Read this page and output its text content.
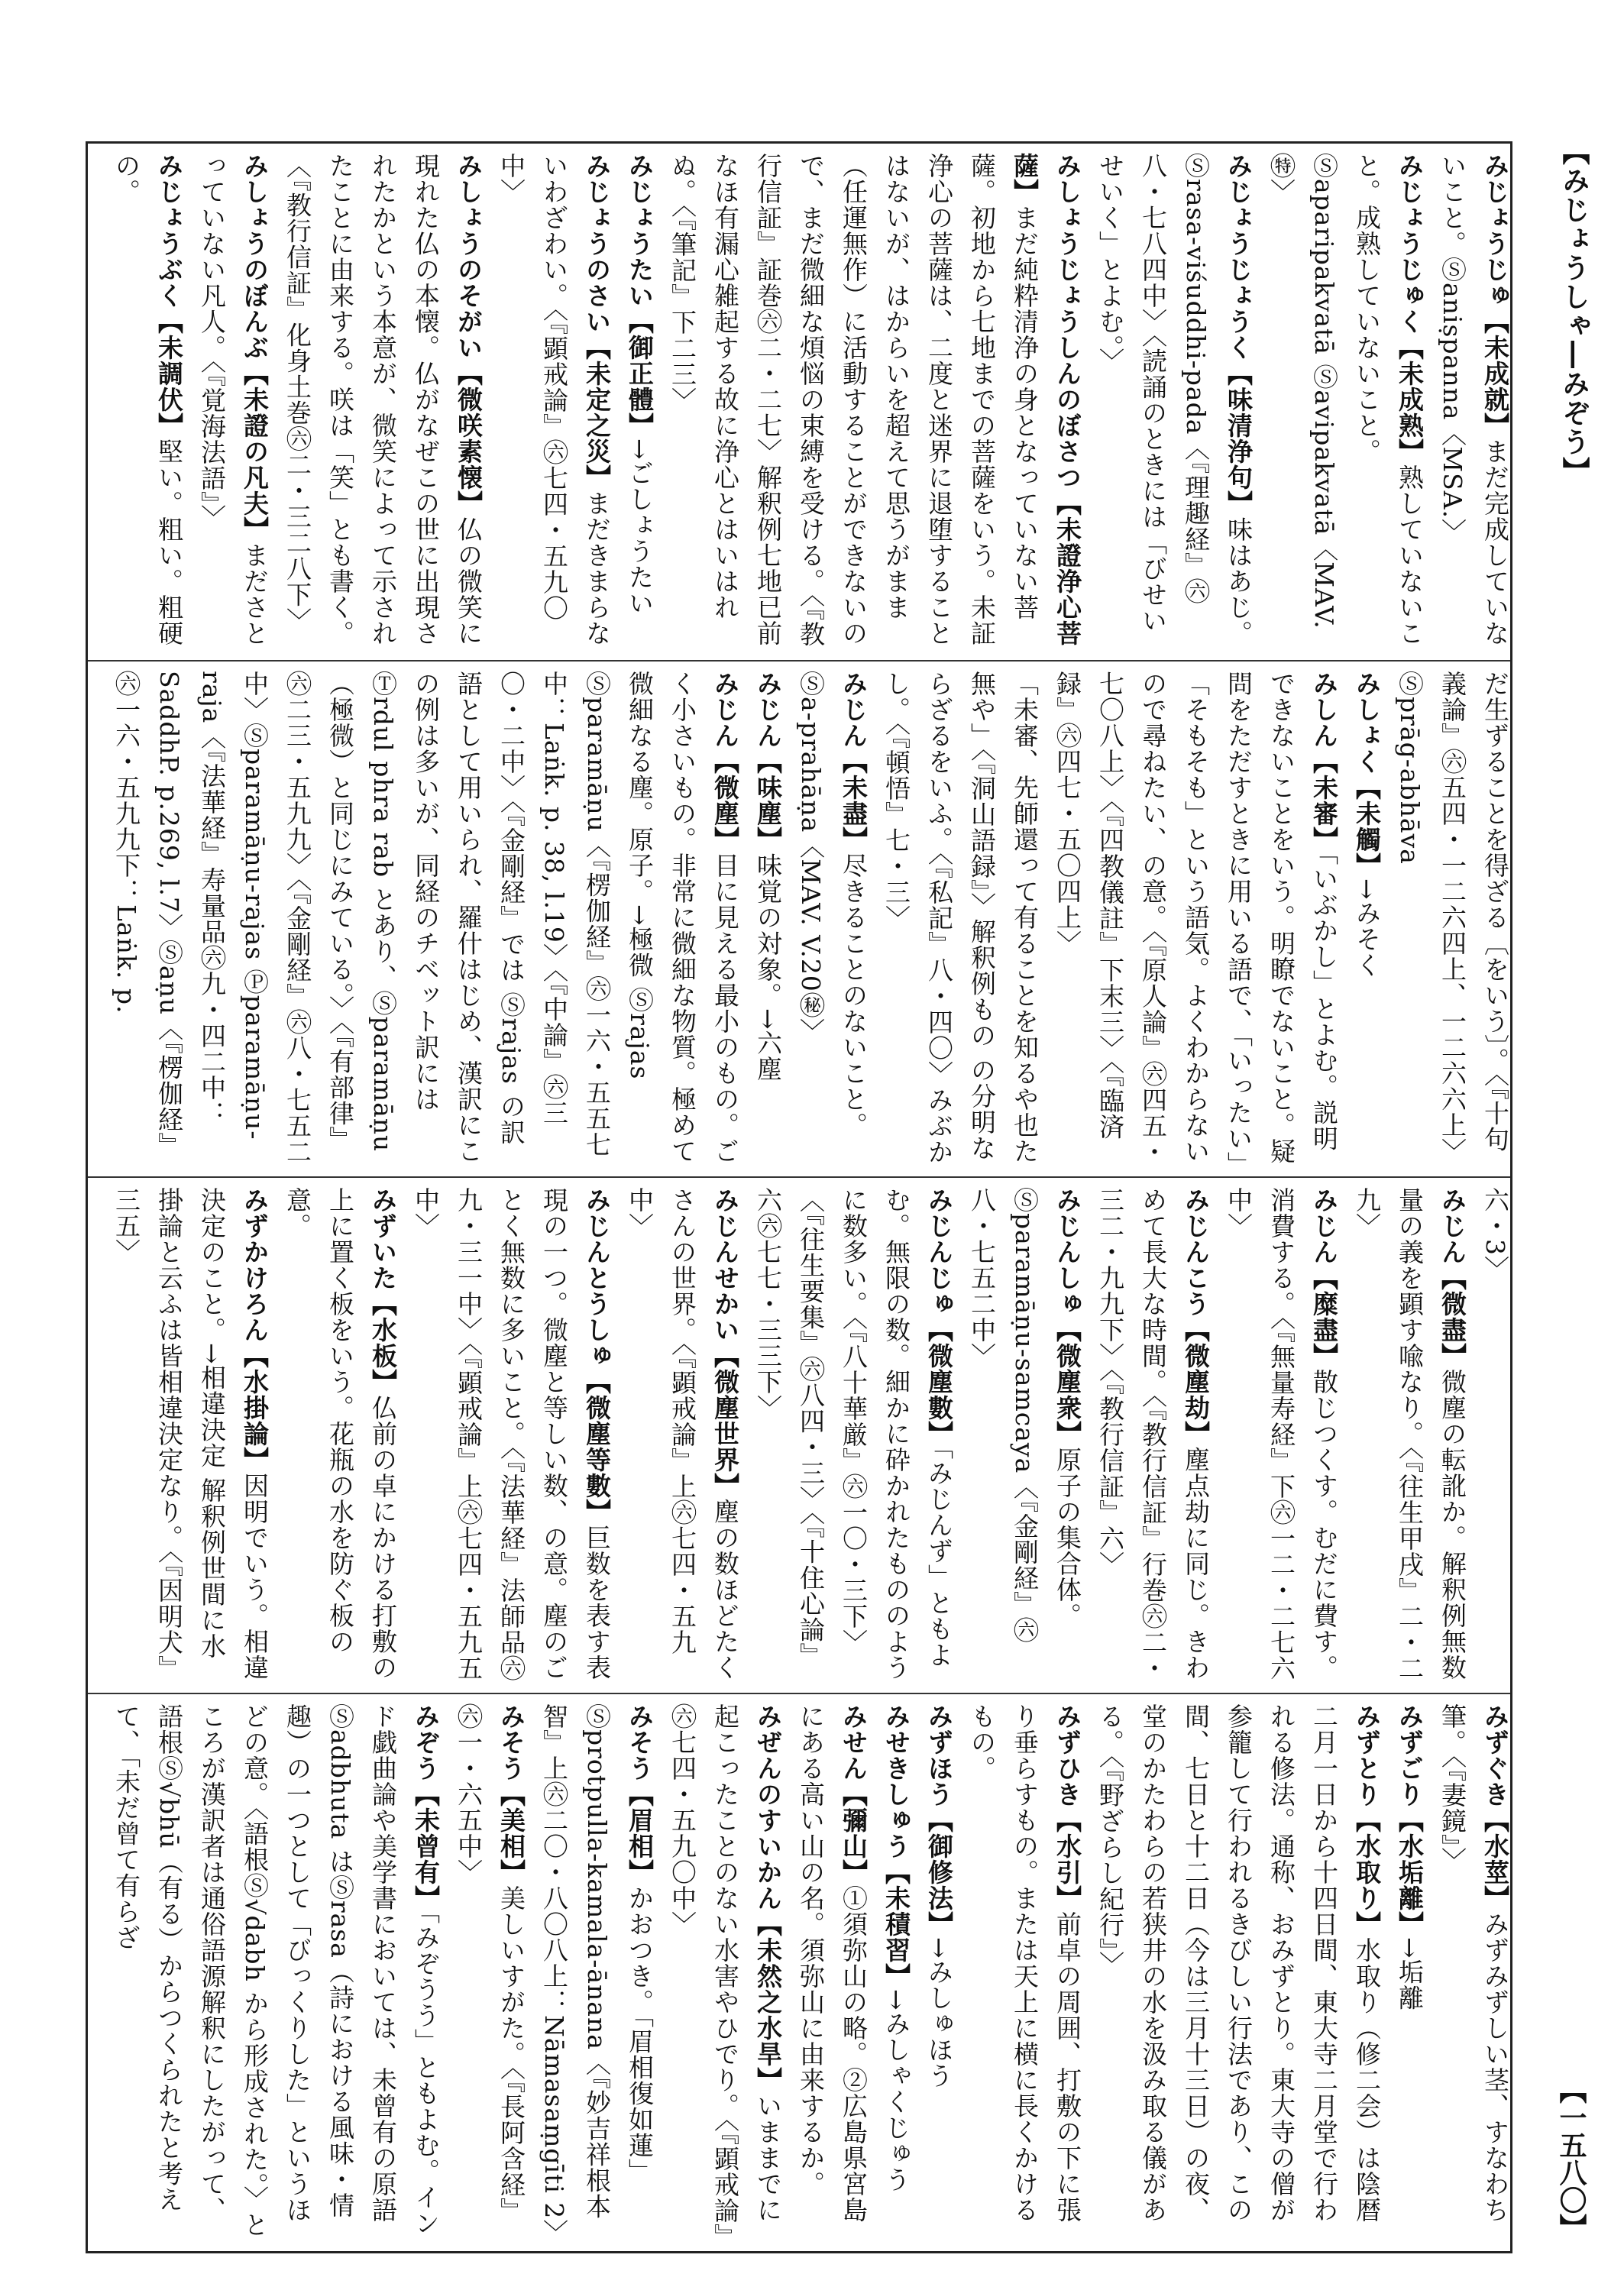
【みじょうしゃ―みぞう】
【一五八〇】
みじょうじゅ【未成就】まだ完成していないこと。Ⓢaniṣpanna〈MSA.〉
みじょうじゅく【未成熟】熟していないこと。成熟していないこと。Ⓢaparipakvatā Ⓢavipakvatā〈MAV.㊕〉
みじょうじょうく【味清浄句】味はあじ。Ⓢrasa-viśuddhi-pada〈『理趣経』㊅八・七八四中〉〈読誦のときには「びせいせいく」とよむ。〉
みしょうじょうしんのぼさつ【未證浄心菩薩】まだ純粋清浄の身となっていない菩薩。初地から七地までの菩薩をいう。未証浄心の菩薩は、二度と迷界に退堕することはないが、はからいを超えて思うがまま（任運無作）に活動することができないので、まだ微細な煩悩の束縛を受ける。〈『教行信証』証巻㊅二・二七〉解釈例七地已前なほ有漏心雑起する故に浄心とはいはれぬ。〈『筆記』下二三〉
みじょうたい【御正體】→ごしょうたい
みじょうのさい【未定之災】まだきまらないわざわい。〈『顕戒論』㊅七四・五九〇中〉
みしょうのそがい【微咲素懐】仏の微笑に現れた仏の本懐。仏がなぜこの世に出現されたかという本意が、微笑によって示されたことに由来する。咲は「笑」とも書く。〈『教行信証』化身土巻㊅二・三二八下〉
みしょうのぼんぶ【未證の凡夫】まださとっていない凡人。〈『覚海法語』〉
みじょうぶく【未調伏】堅い。粗い。粗硬の。
だ生ずることを得ざる〔をいう〕。〈『十句義論』㊅五四・一二六四上、一二六六上〉Ⓢprāg-abhāva
みしょく【未觸】→みそく
みしん【未審】「いぶかし」とよむ。説明できないことをいう。明瞭でないこと。疑問をただすときに用いる語で、「いったい」「そもそも」という語気。よくわからないので尋ねたい、の意。〈『原人論』㊅四五・七〇八上〉〈『四教儀註』下末三〉〈『臨済録』㊅四七・五〇四上〉
「未審、先師還って有ることを知るや也た無や」〈『洞山語録』〉解釈例もの の分明ならざるをいふ。〈『私記』八・四〇〉みぶかし。〈『頓悟』七・三〉
みじん【未盡】尽きることのないこと。Ⓢa-prahāṇa〈MAV. V.20㊙〉
みじん【味塵】味覚の対象。→六塵
みじん【微塵】目に見える最小のもの。ごく小さいもの。非常に微細な物質。極めて微細なる塵。原子。→極微 Ⓢrajas Ⓢparamāṇu〈『楞伽経』㊅一六・五五七中：Laṅk. p. 38, l.19〉〈『中論』㊅三〇・二中〉〈『金剛経』では Ⓢrajas の訳語として用いられ、羅什はじめ、漢訳にこの例は多いが、同経のチベット訳には Ⓣrdul phra rab とあり、Ⓢparamāṇu（極微）と同じにみている。〉〈『有部律』㊅二三・五九九〉〈『金剛経』㊅八・七五二中〉Ⓢparamāṇu-rajas Ⓟparamāṇu-raja〈『法華経』寿量品㊅九・四二中：SaddhP. p.269, l.7〉Ⓢaṇu〈『楞伽経』㊅一六・五九九下：Laṅk. p.
六・3〉
みじん【微盡】微塵の転訛か。解釈例無数量の義を顕す喩なり。〈『往生甲戌』二・二九〉
みじん【糜盡】散じつくす。むだに費す。消費する。〈『無量寿経』下㊅一二・二七六中〉
みじんこう【微塵劫】塵点劫に同じ。きわめて長大な時間。〈『教行信証』行巻㊅二・三二・九九下〉〈『教行信証』六〉
みじんしゅ【微塵衆】原子の集合体。Ⓢparamāṇu-samcaya〈『金剛経』㊅八・七五二中〉
みじんじゅ【微塵數】「みじんず」ともよむ。無限の数。細かに砕かれたもののように数多い。〈『八十華厳』㊅一〇・三下〉〈『往生要集』㊅八四・三〉〈『十住心論』六㊅七七・三三下〉
みじんせかい【微塵世界】塵の数ほどたくさんの世界。〈『顕戒論』上㊅七四・五九中〉
みじんとうしゅ【微塵等數】巨数を表す表現の一つ。微塵と等しい数、の意。塵のごとく無数に多いこと。〈『法華経』法師品㊅九・三一中〉〈『顕戒論』上㊅七四・五九五中〉
みずいた【水板】仏前の卓にかける打敷の上に置く板をいう。花瓶の水を防ぐ板の意。
みずかけろん【水掛論】因明でいう。相違決定のこと。→相違決定 解釈例世間に水掛論と云ふは皆相違決定なり。〈『因明犬』三五〉
みずぐき【水莖】みずみずしい茎、すなわち筆。〈『妻鏡』〉
みずごり【水垢離】→垢離
みずとり【水取り】水取り（修二会）は陰暦二月一日から十四日間、東大寺二月堂で行われる修法。通称、おみずとり。東大寺の僧が参籠して行われるきびしい行法であり、この間、七日と十二日（今は三月十三日）の夜、堂のかたわらの若狭井の水を汲み取る儀がある。〈『野ざらし紀行』〉
みずひき【水引】前卓の周囲、打敷の下に張り垂らすもの。または天上に横に長くかけるもの。
みずほう【御修法】→みしゅほう
みせきしゅう【未積習】→みしゃくじゅう
みせん【彌山】①須弥山の略。②広島県宮島にある高い山の名。須弥山に由来するか。
みぜんのすいかん【未然之水旱】いままでに起こったことのない水害やひでり。〈『顕戒論』㊅七四・五九〇中〉
みそう【眉相】かおつき。「眉相復如蓮」Ⓢprotpulla-kamala-ānana〈『妙吉祥根本智』上㊅二〇・八〇八上：Nāmasaṃgīti 2〉
みそう【美相】美しいすがた。〈『長阿含経』㊅一・六五中〉
みぞう【未曾有】「みぞうう」ともよむ。インド戯曲論や美学書においては、未曾有の原語Ⓢadbhuta はⓈrasa（詩における風味・情趣）の一つとして「びっくりした」というほどの意。〈語根Ⓢ√dabh から形成された。〉ところが漢訳者は通俗語源解釈にしたがって、語根Ⓢ√bhū（有る）からつくられたと考えて、「未だ曾て有らざ
